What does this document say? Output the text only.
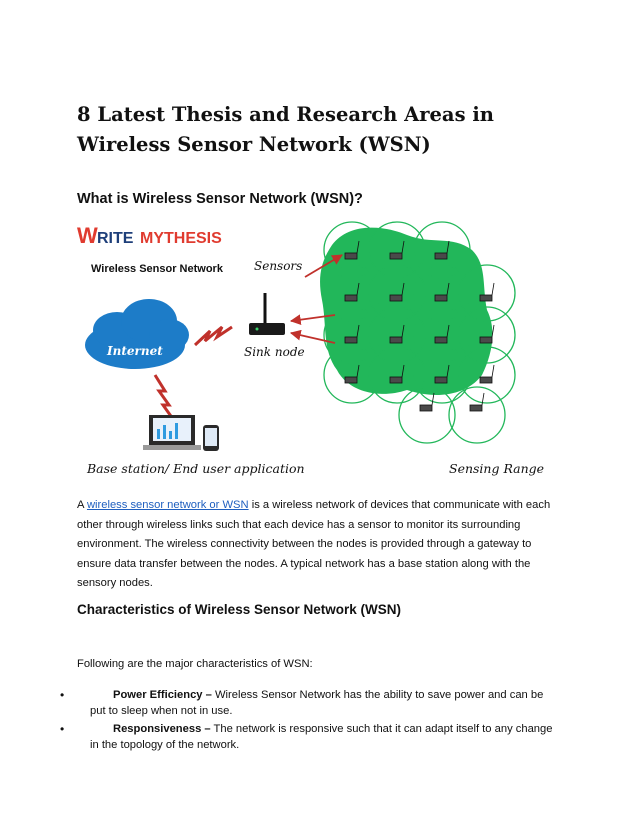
8 Latest Thesis and Research Areas in Wireless Sensor Network (WSN)
What is Wireless Sensor Network (WSN)?
W RITE MYTHESIS
Wireless Sensor Network
Internet	Sink node
Sensors
Base station/ End user application	Sensing Range

A wireless sensor network or WSN is a wireless network of devices that communicate with each other through wireless links such that each device has a sensor to monitor its surrounding environment. The wireless connectivity between the nodes is provided through a gateway to ensure data transfer between the nodes. A typical network has a base station along with the sensory nodes.

Characteristics of Wireless Sensor Network (WSN)

Following are the major characteristics of WSN:

•	Power Efficiency – Wireless Sensor Network has the ability to save power and can be put to sleep when not in use.
•	Responsiveness – The network is responsive such that it can adapt itself to any change in the topology of the network.
